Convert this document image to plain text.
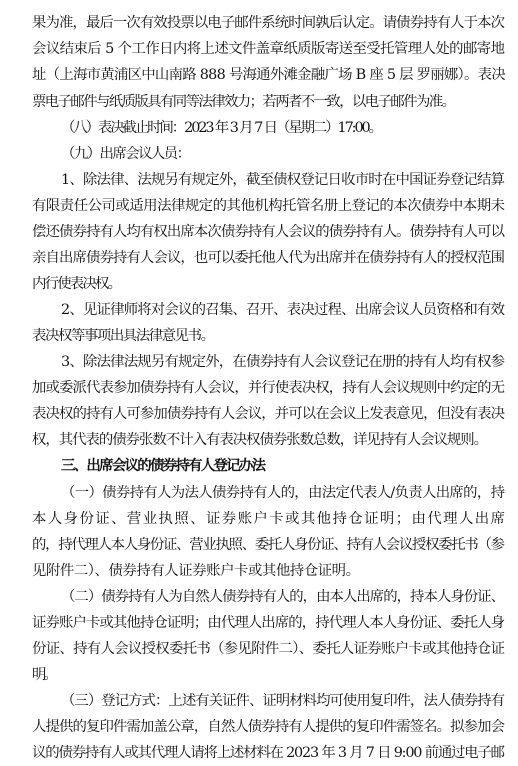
果为准，最后一次有效投票以电子邮件系统时间孰后认定。请债券持有人于本次
会议结束后 5 个工作日内将上述文件盖章纸质版寄送至受托管理人处的邮寄地
址（上海市黄浦区中山南路 888 号海通外滩金融广场 B 座 5 层 罗丽娜）。表决
票电子邮件与纸质版具有同等法律效力；若两者不一致，以电子邮件为准。
（八）表决截止时间：2023 年 3 月 7 日（星期二）17:00。
（九）出席会议人员：
1、除法律、法规另有规定外，截至债权登记日收市时在中国证券登记结算
有限责任公司或适用法律规定的其他机构托管名册上登记的本次债券中本期未
偿还债券持有人均有权出席本次债券持有人会议的债券持有人。债券持有人可以
亲自出席债券持有人会议，也可以委托他人代为出席并在债券持有人的授权范围
内行使表决权。
2、见证律师将对会议的召集、召开、表决过程、出席会议人员资格和有效
表决权等事项出具法律意见书。
3、除法律法规另有规定外，在债券持有人会议登记在册的持有人均有权参
加或委派代表参加债券持有人会议，并行使表决权，持有人会议规则中约定的无
表决权的持有人可参加债券持有人会议，并可以在会议上发表意见，但没有表决
权，其代表的债券张数不计入有表决权债券张数总数，详见持有人会议规则。
三、出席会议的债券持有人登记办法
（一）债券持有人为法人债券持有人的，由法定代表人/负责人出席的，持
本人身份证、营业执照、证券账户卡或其他持仓证明；由代理人出席
的，持代理人本人身份证、营业执照、委托人身份证、持有人会议授权委托书（参
见附件二）、债券持有人证券账户卡或其他持仓证明。
（二）债券持有人为自然人债券持有人的，由本人出席的，持本人身份证、
证券账户卡或其他持仓证明；由代理人出席的，持代理人本人身份证、委托人身
份证、持有人会议授权委托书（参见附件二）、委托人证券账户卡或其他持仓证
明。
（三）登记方式：上述有关证件、证明材料均可使用复印件，法人债券持有
人提供的复印件需加盖公章，自然人债券持有人提供的复印件需签名。拟参加会
议的债券持有人或其代理人请将上述材料在 2023 年 3 月 7 日 9:00 前通过电子邮
